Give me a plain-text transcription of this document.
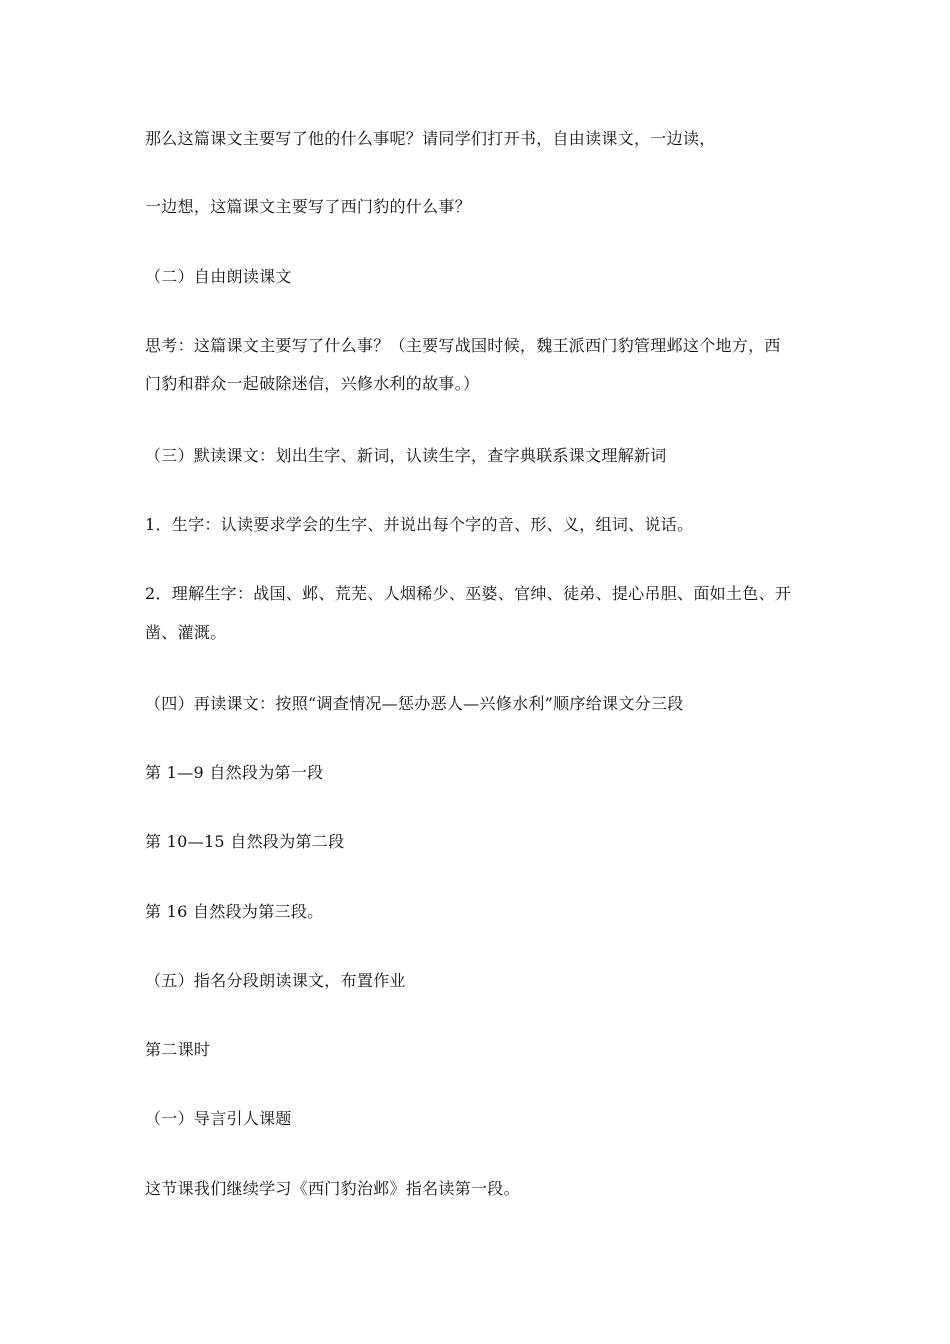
那么这篇课文主要写了他的什么事呢？请同学们打开书，自由读课文，一边读，
一边想，这篇课文主要写了西门豹的什么事？
（二）自由朗读课文
思考：这篇课文主要写了什么事？（主要写战国时候，魏王派西门豹管理邺这个地方，西
门豹和群众一起破除迷信，兴修水利的故事。）
（三）默读课文：划出生字、新词，认读生字，查字典联系课文理解新词
1．生字：认读要求学会的生字、并说出每个字的音、形、义，组词、说话。
2．理解生字：战国、邺、荒芜、人烟稀少、巫婆、官绅、徒弟、提心吊胆、面如土色、开
凿、灌溉。
（四）再读课文：按照“调查情况—惩办恶人—兴修水利”顺序给课文分三段
第 1—9 自然段为第一段
第 10—15 自然段为第二段
第 16 自然段为第三段。
（五）指名分段朗读课文，布置作业
第二课时
（一）导言引人课题
这节课我们继续学习《西门豹治邺》指名读第一段。
